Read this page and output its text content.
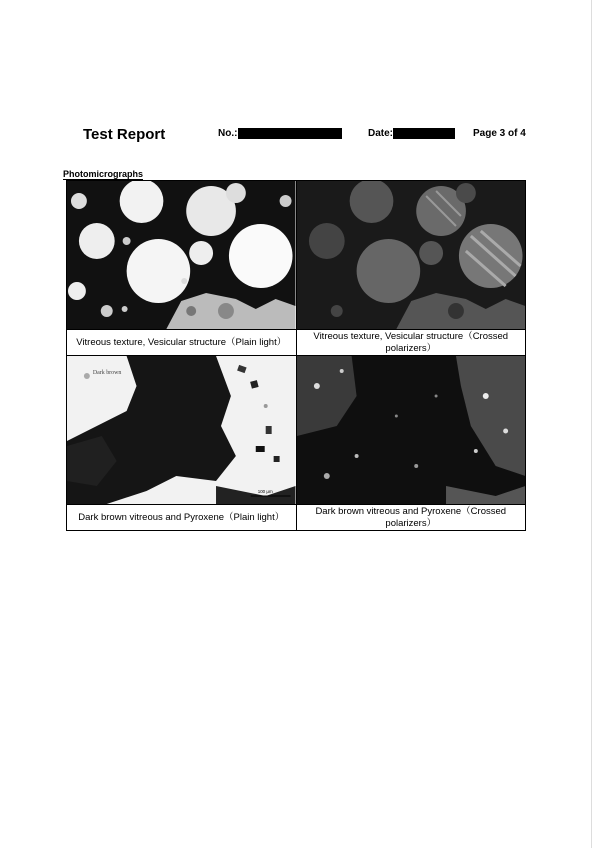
Test Report	No.:	Date:	Page 3 of 4
Photomicrographs

Vitreous texture, Vesicular structure（Plain light）	Vitreous texture, Vesicular structure（Crossed polarizers）

Dark brown
100 μm

Dark brown vitreous and Pyroxene（Plain light）	Dark brown vitreous and Pyroxene（Crossed polarizers）
